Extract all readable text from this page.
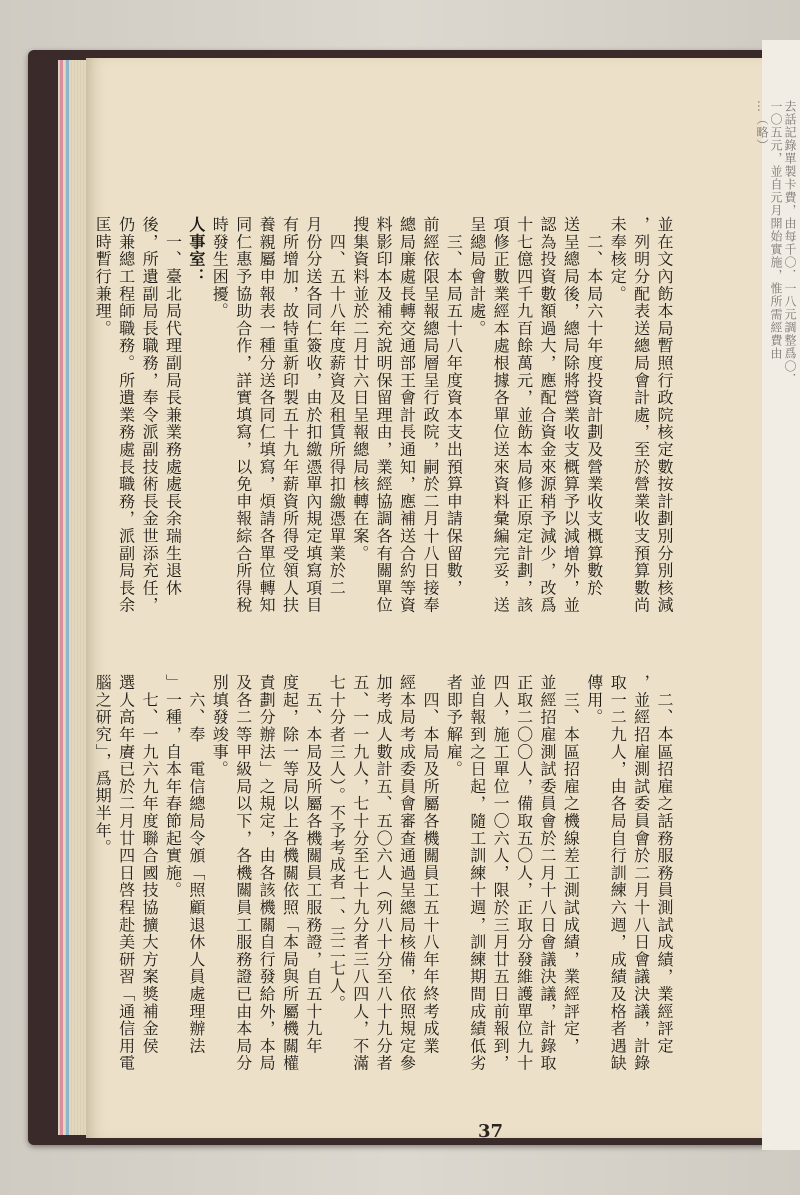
並在文內飭本局暫照行政院核定數按計劃別分別核減
，列明分配表送總局會計處，至於營業收支預算數尚
未奉核定。
　二、本局六十年度投資計劃及營業收支概算數於
送呈總局後，總局除將營業收支概算予以減增外，並
認為投資數額過大，應配合資金來源稍予減少，改爲
十七億四千九百餘萬元，並飭本局修正原定計劃，該
項修正數業經本處根據各單位送來資料彙編完妥，送
呈總局會計處。
　三、本局五十八年度資本支出預算申請保留數，
前經依限呈報總局層呈行政院，嗣於二月十八日接奉
總局廉處長轉交通部王會計長通知，應補送合約等資
料影印本及補充說明保留理由，業經協調各有關單位
搜集資料並於二月廿六日呈報總局核轉在案。
　四、五十八年度薪資及租賃所得扣繳憑單業於二
月份分送各同仁簽收，由於扣繳憑單內規定填寫項目
有所增加，故特重新印製五十九年薪資所得受領人扶
養親屬申報表一種分送各同仁填寫，煩請各單位轉知
同仁惠予協助合作，詳實填寫，以免申報綜合所得稅
時發生困擾。
人事室：
　一、臺北局代理副局長兼業務處處長余瑞生退休
後，所遺副局長職務，奉令派副技術長金世添充任，
仍兼總工程師職務。所遺業務處長職務，派副局長余
匡時暫行兼理。
　二、本區招雇之話務服務員測試成績，業經評定
，並經招雇測試委員會於二月十八日會議決議，計錄
取一二九人，由各局自行訓練六週，成績及格者遇缺
傳用。
　三、本區招雇之機線差工測試成績，業經評定，
並經招雇測試委員會於二月十八日會議決議，計錄取
正取二〇〇人，備取五〇人，正取分發維護單位九十
四人，施工單位一〇六人，限於三月廿五日前報到，
並自報到之日起，隨工訓練十週，訓練期間成績低劣
者即予解雇。
　四、本局及所屬各機關員工五十八年年終考成業
經本局考成委員會審查通過呈總局核備，依照規定參
加考成人數計五、五〇六人（列八十分至八十九分者
五、一一九人，七十分至七十九分者三八四人，不滿
七十分者三人）。不予考成者一、三二七人。
　五、本局及所屬各機關員工服務證，自五十九年
度起，除一等局以上各機關依照「本局與所屬機關權
責劃分辦法」之規定，由各該機關自行發給外，本局
及各二等甲級局以下，各機關員工服務證已由本局分
別填發竣事。
　六、奉　電信總局令頒「照顧退休人員處理辦法
」一種，自本年春節起實施。
　七、一九六九年度聯合國技協擴大方案獎補金侯
選人高年賡已於二月廿四日啓程赴美研習「通信用電
腦之研究」，爲期半年。
37
去話記錄單製卡費，由每千〇．一八元調整爲〇．
一〇五元，並自元月開始實施，惟所需經費由
…（略）
